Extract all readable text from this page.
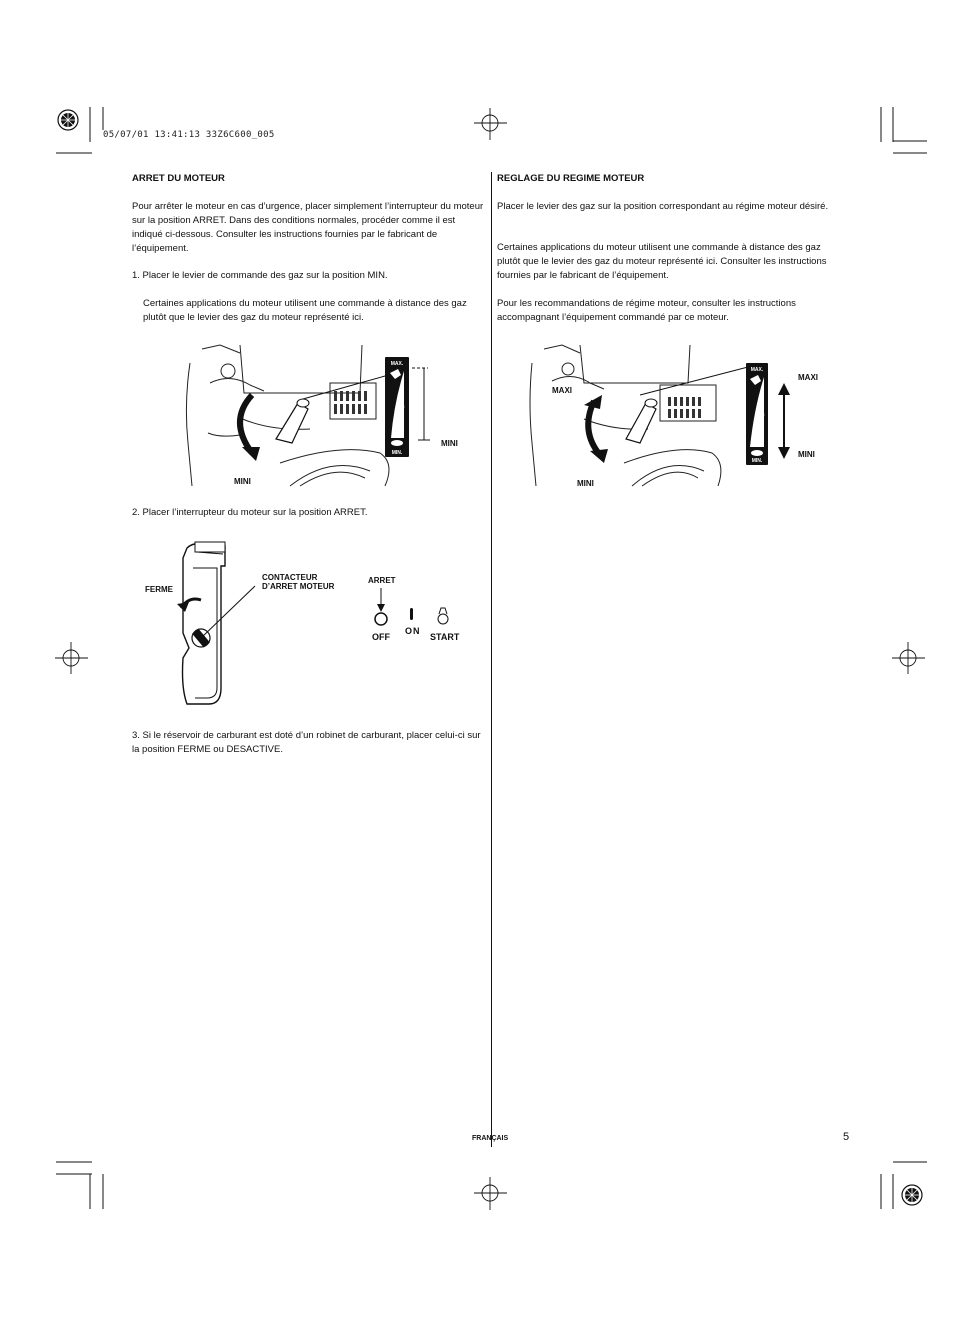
05/07/01 13:41:13 33Z6C600_005
ARRET DU MOTEUR
Pour arrêter le moteur en cas d’urgence, placer simplement l’interrupteur du moteur sur la position ARRET. Dans des conditions normales, procéder comme il est indiqué ci-dessous. Consulter les instructions fournies par le fabricant de l’équipement.
1. Placer le levier de commande des gaz sur la position MIN.
Certaines applications du moteur utilisent une commande à distance des gaz plutôt que le levier des gaz du moteur représenté ici.
MAX.
MIN.
MINI
MINI
2. Placer l’interrupteur du moteur sur la position ARRET.
FERME
CONTACTEUR
D’ARRET MOTEUR
ARRET
OFF
ON
START
3. Si le réservoir de carburant est doté d’un robinet de carburant, placer celui-ci sur la position FERME ou DESACTIVE.
REGLAGE DU REGIME MOTEUR
Placer le levier des gaz sur la position correspondant au régime moteur désiré.
Certaines applications du moteur utilisent une commande à distance des gaz plutôt que le levier des gaz du moteur représenté ici. Consulter les instructions fournies par le fabricant de l’équipement.
Pour les recommandations de régime moteur, consulter les instructions accompagnant l’équipement commandé par ce moteur.
MAX.
MIN.
MAXI
MAXI
MINI
MINI
FRANÇAIS	5
